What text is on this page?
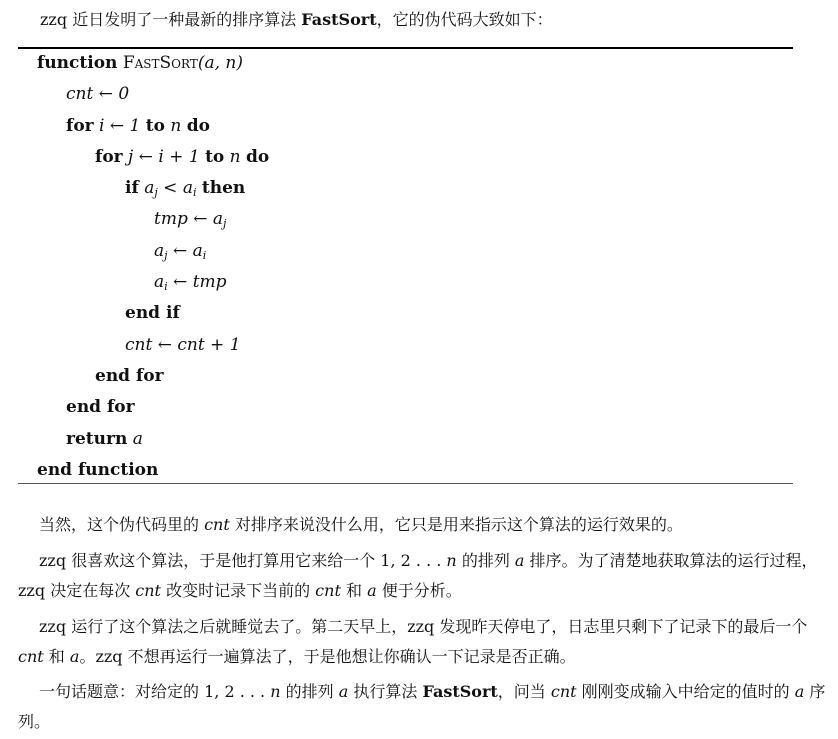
zzq 近日发明了一种最新的排序算法 FastSort，它的伪代码大致如下：
function FastSort(a, n)
cnt ← 0
for i ← 1 to n do
for j ← i + 1 to n do
if $a_j < a_i$ then
tmp ← $a_j$
$a_j$ ← $a_i$
$a_i$ ← tmp
end if
cnt ← cnt + 1
end for
end for
return a
end function
当然，这个伪代码里的 cnt 对排序来说没什么用，它只是用来指示这个算法的运行效果的。
zzq 很喜欢这个算法，于是他打算用它来给一个 1, 2 . . . n 的排列 a 排序。为了清楚地获取算法的运行过程，zzq 决定在每次 cnt 改变时记录下当前的 cnt 和 a 便于分析。
zzq 运行了这个算法之后就睡觉去了。第二天早上，zzq 发现昨天停电了，日志里只剩下了记录下的最后一个 cnt 和 a。zzq 不想再运行一遍算法了，于是他想让你确认一下记录是否正确。
一句话题意：对给定的 1, 2 . . . n 的排列 a 执行算法 FastSort，问当 cnt 刚刚变成输入中给定的值时的 a 序列。
